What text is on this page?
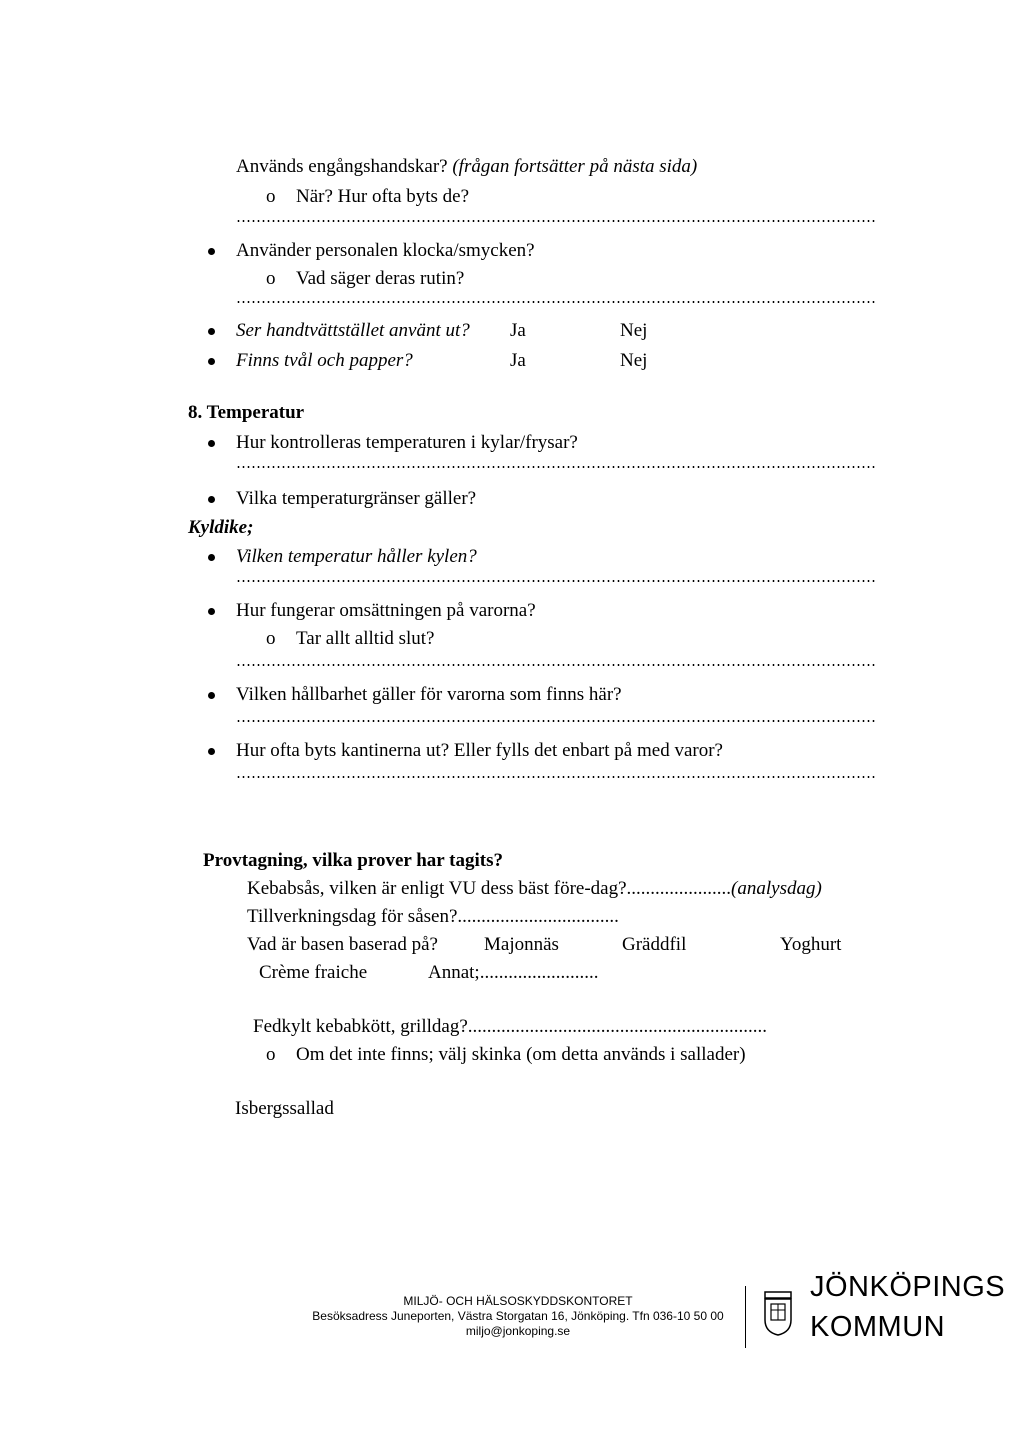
Används engångshandskar? (frågan fortsätter på nästa sida)
o När? Hur ofta byts de?
Använder personalen klocka/smycken?
o Vad säger deras rutin?
Ser handtvättstället använt ut? Ja	Nej
Finns tvål och papper?	Ja	Nej
8. Temperatur
Hur kontrolleras temperaturen i kylar/frysar?
Vilka temperaturgränser gäller?
Kyldike;
Vilken temperatur håller kylen?
Hur fungerar omsättningen på varorna?
o Tar allt alltid slut?
Vilken hållbarhet gäller för varorna som finns här?
Hur ofta byts kantinerna ut? Eller fylls det enbart på med varor?
Provtagning, vilka prover har tagits?
Kebabsås, vilken är enligt VU dess bäst före-dag?......................(analysdag)
Tillverkningsdag för såsen?..................................
Vad är basen baserad på? Majonnäs	Gräddfil	Yoghurt
Crème fraiche	Annat;.........................
Fedkylt kebabkött, grilldag?...............................................................
o Om det inte finns; välj skinka (om detta används i sallader)
Isbergssallad
MILJÖ- OCH HÄLSOSKYDDSKONTORET
Besöksadress Juneporten, Västra Storgatan 16, Jönköping. Tfn 036-10 50 00
miljo@jonkoping.se
JÖNKÖPINGS
KOMMUN
